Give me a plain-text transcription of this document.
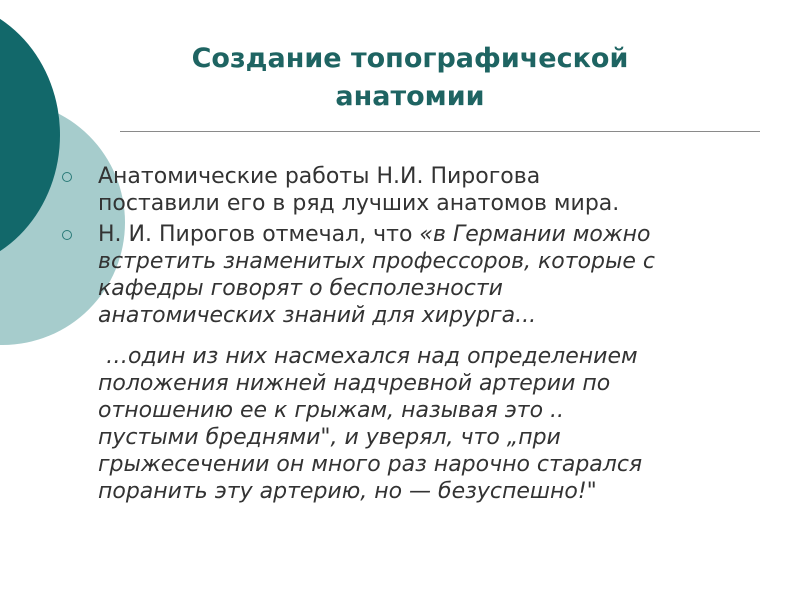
Создание топографической
анатомии

Анатомические работы Н.И. Пирогова

поставили его в ряд лучших анатомов мира.

Н. И. Пирогов отмечал, что «в Германии можно

встретить знаменитых профессоров, которые с

кафедры говорят о бесполезности

анатомических знаний для хирурга...

…один из них насмехался над определением

положения нижней надчревной артерии по

отношению ее к грыжам, называя это ..

пустыми бреднями", и уверял, что „при

грыжесечении он много раз нарочно старался

поранить эту артерию, но — безуспешно!"
